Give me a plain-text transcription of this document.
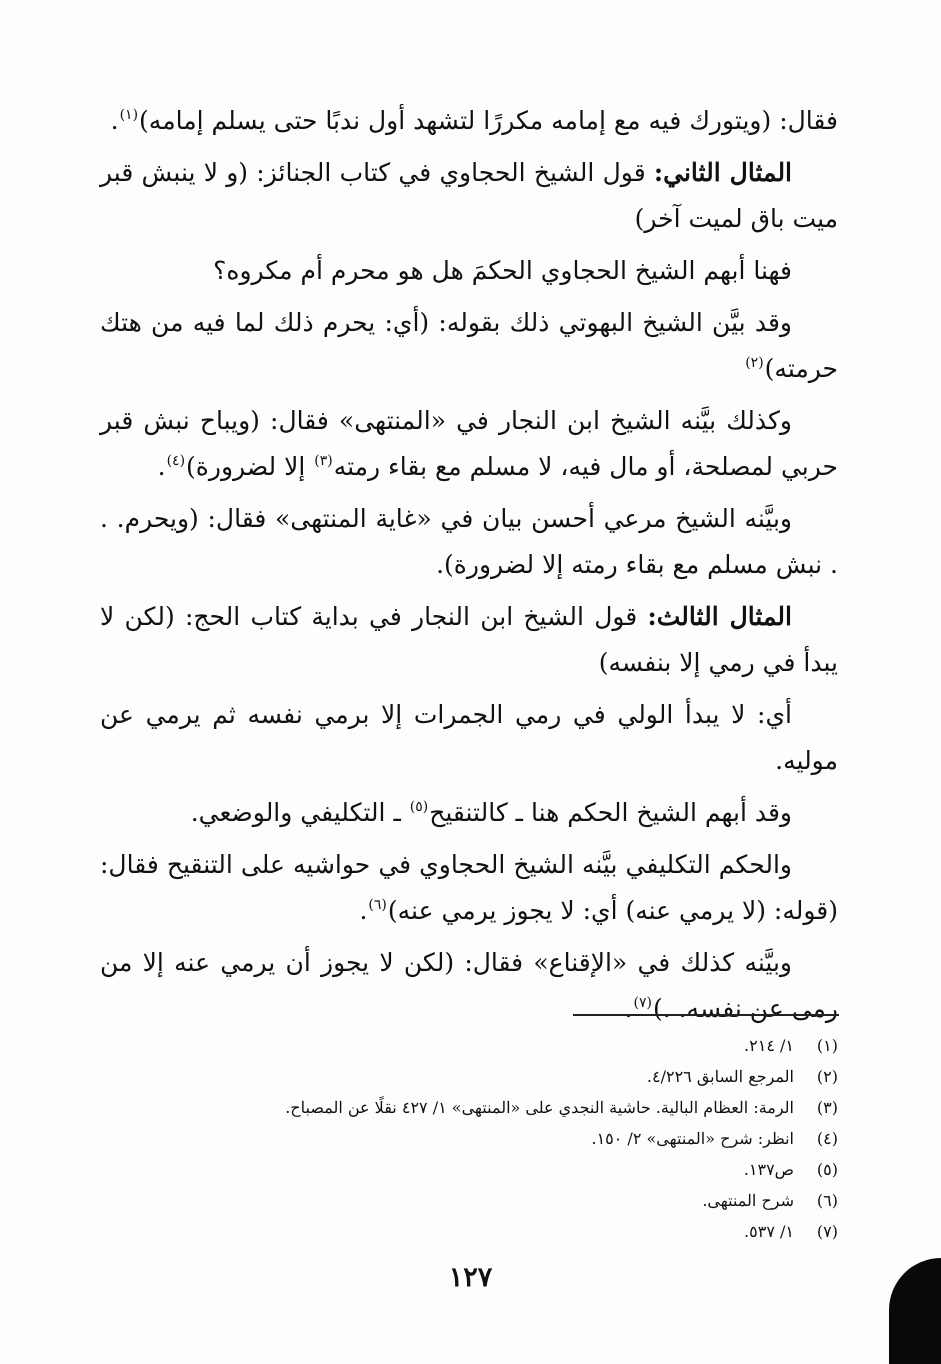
فقال: (ويتورك فيه مع إمامه مكررًا لتشهد أول ندبًا حتى يسلم إمامه)$^{(١)}$.

المثال الثاني: قول الشيخ الحجاوي في كتاب الجنائز: (و لا ينبش قبر ميت باق لميت آخر)

فهنا أبهم الشيخ الحجاوي الحكمَ هل هو محرم أم مكروه؟

وقد بيَّن الشيخ البهوتي ذلك بقوله: (أي: يحرم ذلك لما فيه من هتك حرمته)$^{(٢)}$

وكذلك بيَّنه الشيخ ابن النجار في «المنتهى» فقال: (ويباح نبش قبر حربي لمصلحة، أو مال فيه، لا مسلم مع بقاء رمته$^{(٣)}$ إلا لضرورة)$^{(٤)}$.

وبيَّنه الشيخ مرعي أحسن بيان في «غاية المنتهى» فقال: (ويحرم. . . نبش مسلم مع بقاء رمته إلا لضرورة).

المثال الثالث: قول الشيخ ابن النجار في بداية كتاب الحج: (لكن لا يبدأ في رمي إلا بنفسه)

أي: لا يبدأ الولي في رمي الجمرات إلا برمي نفسه ثم يرمي عن موليه.

وقد أبهم الشيخ الحكم هنا ـ كالتنقيح$^{(٥)}$ ـ التكليفي والوضعي.

والحكم التكليفي بيَّنه الشيخ الحجاوي في حواشيه على التنقيح فقال: (قوله: (لا يرمي عنه) أي: لا يجوز يرمي عنه)$^{(٦)}$.

وبيَّنه كذلك في «الإقناع» فقال: (لكن لا يجوز أن يرمي عنه إلا من رمى عن نفسه. .)$^{(٧)}$.

(١)
١/ ٢١٤.
(٢)
المرجع السابق ٤/٢٢٦.
(٣)
الرمة: العظام البالية. حاشية النجدي على «المنتهى» ١/ ٤٢٧ نقلًا عن المصباح.
(٤)
انظر: شرح «المنتهى» ٢/ ١٥٠.
(٥)
ص١٣٧.
(٦)
شرح المنتهى.
(٧)
١/ ٥٣٧.
١٢٧
